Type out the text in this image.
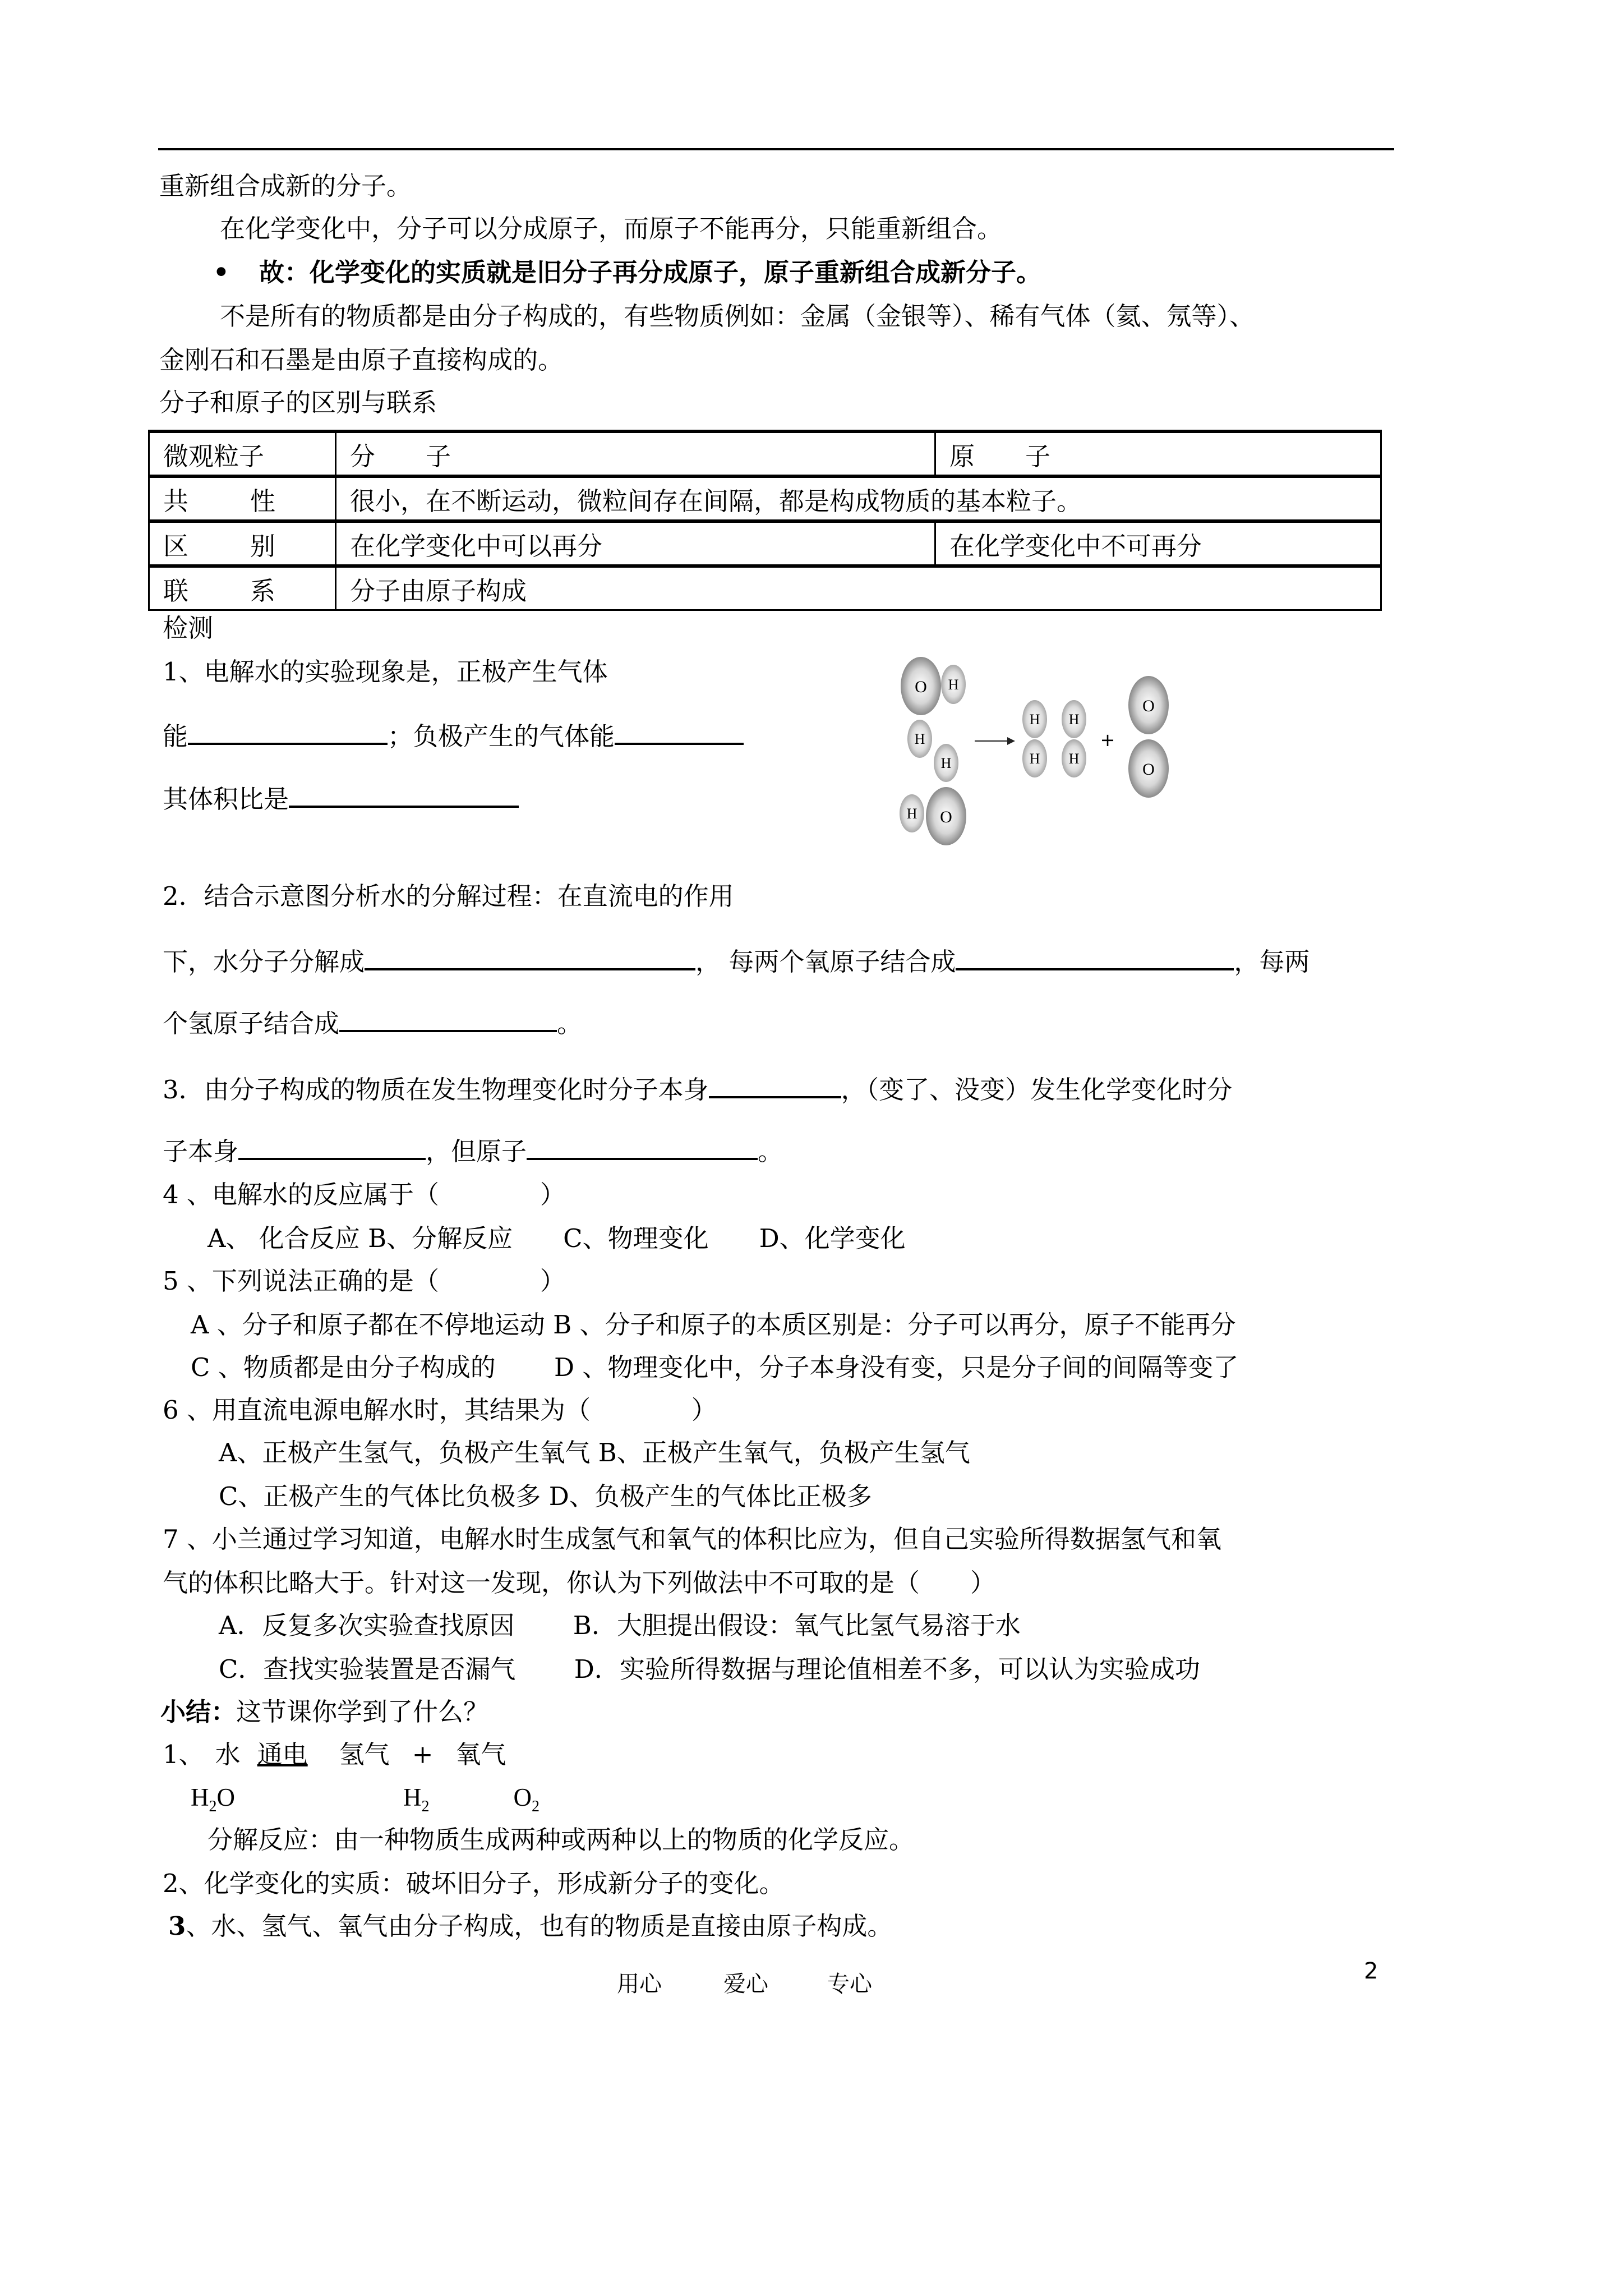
重新组合成新的分子。
在化学变化中，分子可以分成原子，而原子不能再分，只能重新组合。
• 故：化学变化的实质就是旧分子再分成原子，原子重新组合成新分子。
不是所有的物质都是由分子构成的，有些物质例如：金属（金银等）、稀有气体（氦、氖等）、
金刚石和石墨是由原子直接构成的。
分子和原子的区别与联系
微观粒子	分　　子	原　　子

共 性	很小，在不断运动，微粒间存在间隔，都是构成物质的基本粒子。	

区 别	在化学变化中可以再分	在化学变化中不可再分

联 系	分子由原子构成	
检测
1、电解水的实验现象是，正极产生气体
能	；负极产生的气体能
其体积比是
O H
H
H
H O
H
H
H
H
+
O
O
2．结合示意图分析水的分解过程：在直流电的作用
下，水分子分解成	， 每两个氧原子结合成	，每两
个氢原子结合成	。
3．由分子构成的物质在发生物理变化时分子本身	，（变了、没变）发生化学变化时分
子本身	，但原子	。
4 、电解水的反应属于（　　　　）
A、 化合反应 B、分解反应　　C、物理变化　　D、化学变化
5 、下列说法正确的是（　　　　）
A 、分子和原子都在不停地运动 B 、分子和原子的本质区别是：分子可以再分，原子不能再分
C 、物质都是由分子构成的　　 D 、物理变化中，分子本身没有变，只是分子间的间隔等变了
6 、用直流电源电解水时，其结果为（　　　　）
A、正极产生氢气，负极产生氧气 B、正极产生氧气，负极产生氢气
C、正极产生的气体比负极多 D、负极产生的气体比正极多
7 、小兰通过学习知道，电解水时生成氢气和氧气的体积比应为，但自己实验所得数据氢气和氧
气的体积比略大于。针对这一发现，你认为下列做法中不可取的是（　　）
A．反复多次实验查找原因　　 B．大胆提出假设：氧气比氢气易溶于水
C．查找实验装置是否漏气　　 D．实验所得数据与理论值相差不多，可以认为实验成功
小结：这节课你学到了什么？
1、 水 通电 氢气 + 氧气
$H_2O$	$H_2$	$O_2$
分解反应：由一种物质生成两种或两种以上的物质的化学反应。
2、化学变化的实质：破坏旧分子，形成新分子的变化。
3、水、氢气、氧气由分子构成，也有的物质是直接由原子构成。
用心	爱心	专心	2
